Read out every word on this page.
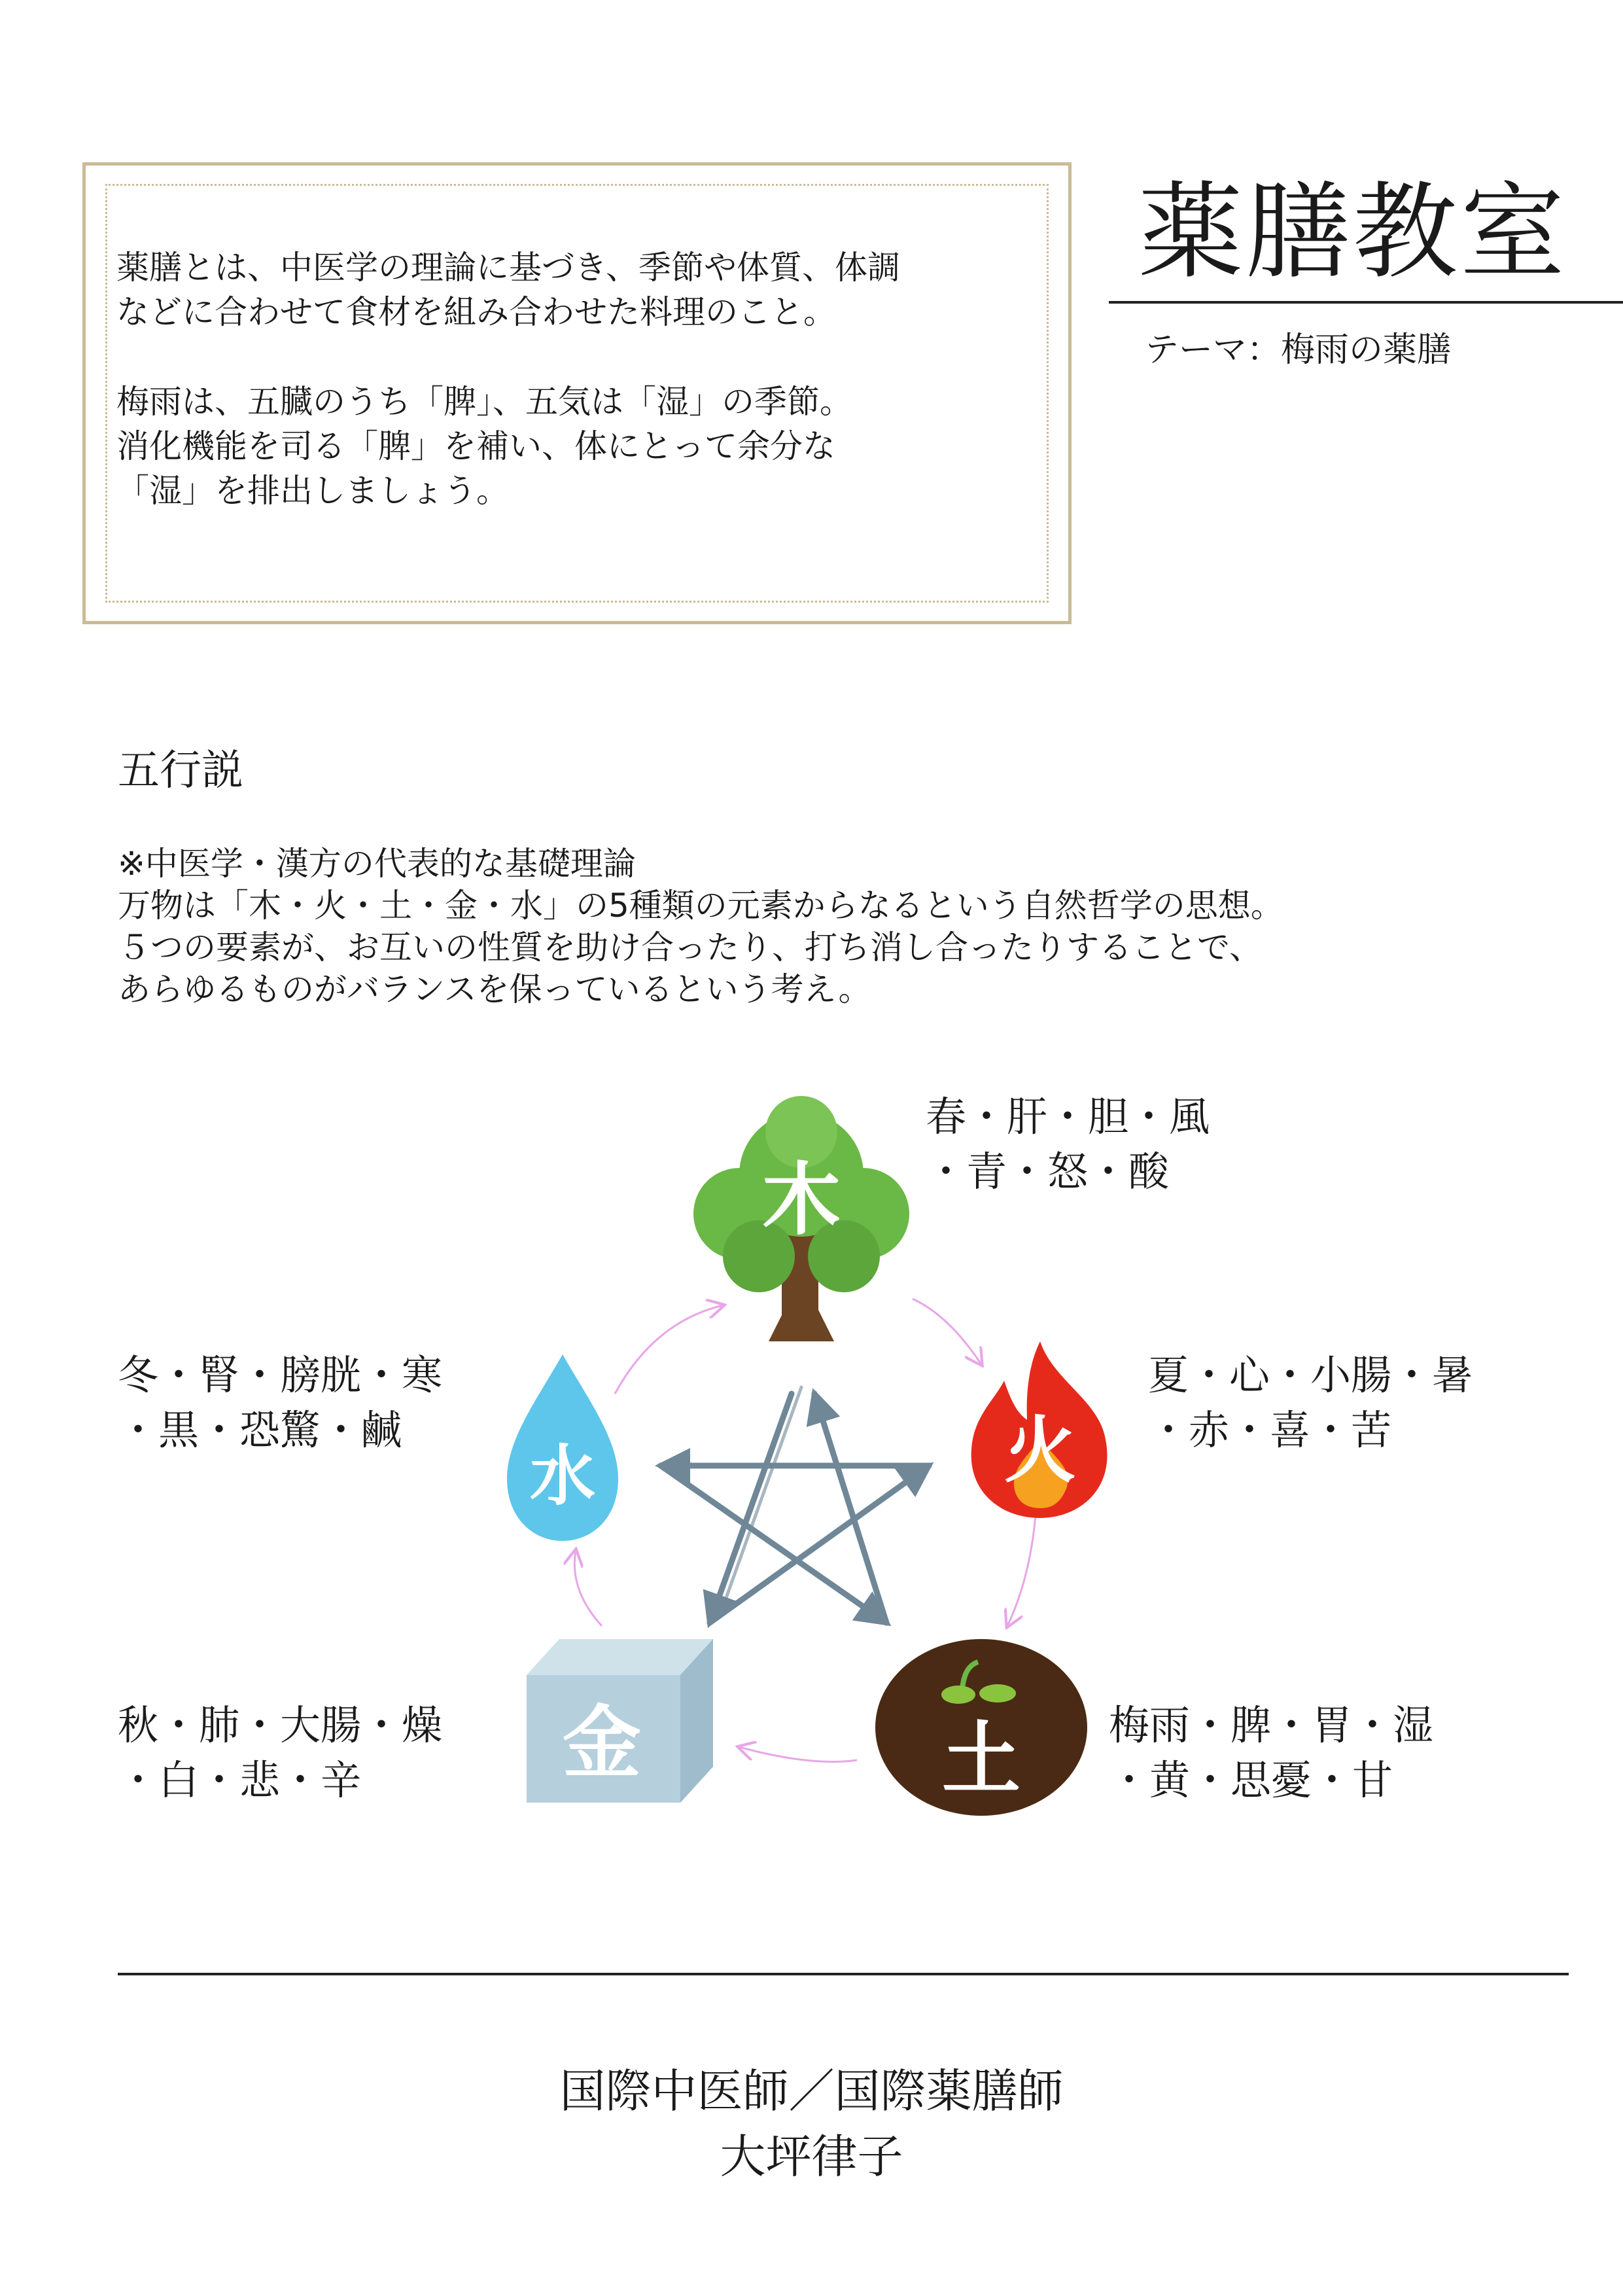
薬膳とは、中医学の理論に基づき、季節や体質、体調
などに合わせて食材を組み合わせた料理のこと。
梅雨は、五臓のうち「脾」、五気は「湿」の季節。
消化機能を司る「脾」を補い、体にとって余分な
「湿」を排出しましょう。
薬膳教室
テーマ：梅雨の薬膳
五行説
※中医学・漢方の代表的な基礎理論
万物は「木・火・土・金・水」の5種類の元素からなるという自然哲学の思想。
５つの要素が、お互いの性質を助け合ったり、打ち消し合ったりすることで、
あらゆるものがバランスを保っているという考え。
木
火
土
金
水
春・肝・胆・風
・青・怒・酸
夏・心・小腸・暑
・赤・喜・苦
梅雨・脾・胃・湿
・黄・思憂・甘
秋・肺・大腸・燥
・白・悲・辛
冬・腎・膀胱・寒
・黒・恐驚・鹹
国際中医師／国際薬膳師
大坪律子
